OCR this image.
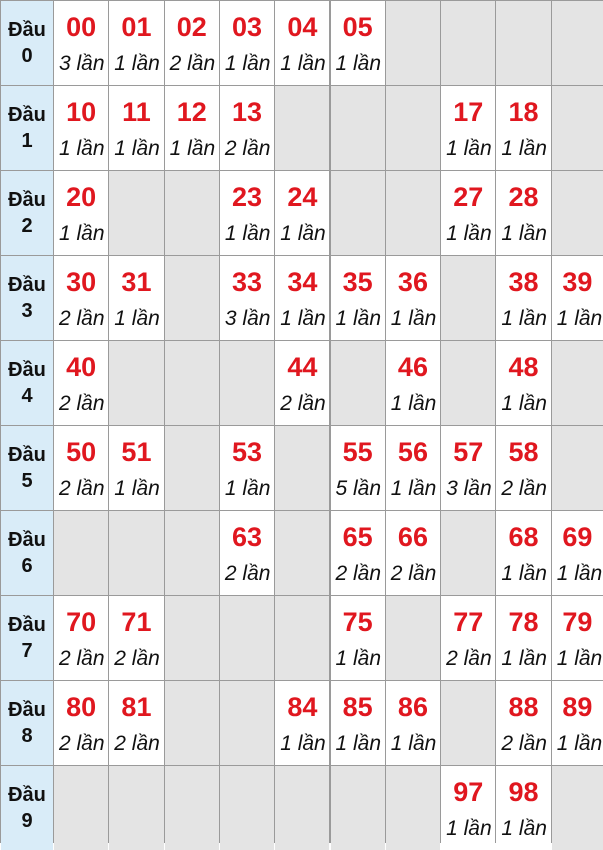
Đầu
0
00
3 lần
01
1 lần
02
2 lần
03
1 lần
04
1 lần
05
1 lần
Đầu
1
10
1 lần
11
1 lần
12
1 lần
13
2 lần
17
1 lần
18
1 lần
Đầu
2
20
1 lần
23
1 lần
24
1 lần
27
1 lần
28
1 lần
Đầu
3
30
2 lần
31
1 lần
33
3 lần
34
1 lần
35
1 lần
36
1 lần
38
1 lần
39
1 lần
Đầu
4
40
2 lần
44
2 lần
46
1 lần
48
1 lần
Đầu
5
50
2 lần
51
1 lần
53
1 lần
55
5 lần
56
1 lần
57
3 lần
58
2 lần
Đầu
6
63
2 lần
65
2 lần
66
2 lần
68
1 lần
69
1 lần
Đầu
7
70
2 lần
71
2 lần
75
1 lần
77
2 lần
78
1 lần
79
1 lần
Đầu
8
80
2 lần
81
2 lần
84
1 lần
85
1 lần
86
1 lần
88
2 lần
89
1 lần
Đầu
9
97
1 lần
98
1 lần
